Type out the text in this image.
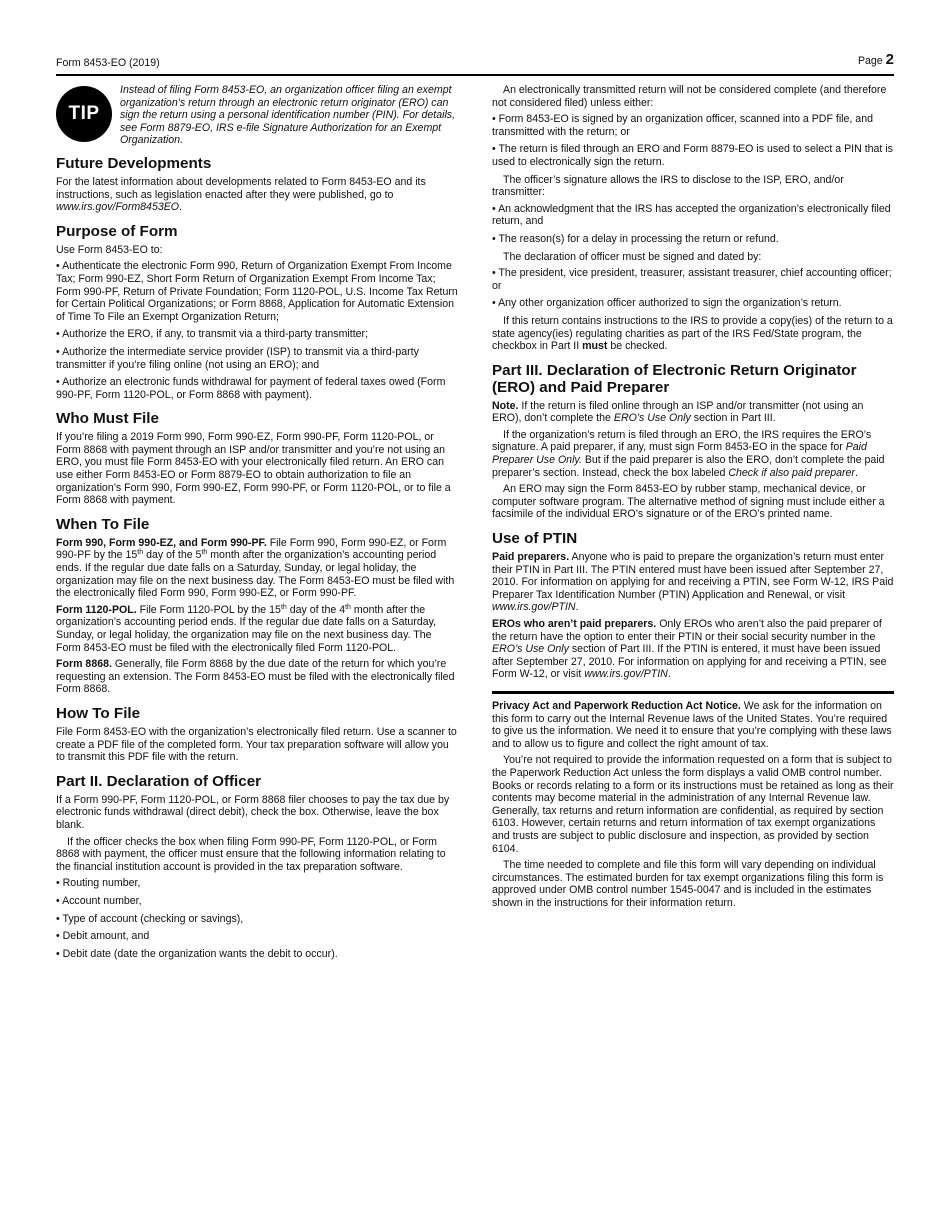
Form 8453-EO (2019)	Page 2
TIP
Instead of filing Form 8453-EO, an organization officer filing an exempt organization’s return through an electronic return originator (ERO) can sign the return using a personal identification number (PIN). For details, see Form 8879-EO, IRS e-file Signature Authorization for an Exempt Organization.
Future Developments

For the latest information about developments related to Form 8453-EO and its instructions, such as legislation enacted after they were published, go to www.irs.gov/Form8453EO.

Purpose of Form

Use Form 8453-EO to:

• Authenticate the electronic Form 990, Return of Organization Exempt From Income Tax; Form 990-EZ, Short Form Return of Organization Exempt From Income Tax; Form 990-PF, Return of Private Foundation; Form 1120-POL, U.S. Income Tax Return for Certain Political Organizations; or Form 8868, Application for Automatic Extension of Time To File an Exempt Organization Return;

• Authorize the ERO, if any, to transmit via a third-party transmitter;

• Authorize the intermediate service provider (ISP) to transmit via a third-party transmitter if you’re filing online (not using an ERO); and

• Authorize an electronic funds withdrawal for payment of federal taxes owed (Form 990-PF, Form 1120-POL, or Form 8868 with payment).

Who Must File

If you’re filing a 2019 Form 990, Form 990-EZ, Form 990-PF, Form 1120-POL, or Form 8868 with payment through an ISP and/or transmitter and you’re not using an ERO, you must file Form 8453-EO with your electronically filed return. An ERO can use either Form 8453-EO or Form 8879-EO to obtain authorization to file an organization’s Form 990, Form 990-EZ, Form 990-PF, or Form 1120-POL, or to file a Form 8868 with payment.

When To File

Form 990, Form 990-EZ, and Form 990-PF. File Form 990, Form 990-EZ, or Form 990-PF by the 15th day of the 5th month after the organization’s accounting period ends. If the regular due date falls on a Saturday, Sunday, or legal holiday, the organization may file on the next business day. The Form 8453-EO must be filed with the electronically filed Form 990, Form 990-EZ, or Form 990-PF.

Form 1120-POL. File Form 1120-POL by the 15th day of the 4th month after the organization’s accounting period ends. If the regular due date falls on a Saturday, Sunday, or legal holiday, the organization may file on the next business day. The Form 8453-EO must be filed with the electronically filed Form 1120-POL.

Form 8868. Generally, file Form 8868 by the due date of the return for which you’re requesting an extension. The Form 8453-EO must be filed with the electronically filed Form 8868.

How To File

File Form 8453-EO with the organization’s electronically filed return. Use a scanner to create a PDF file of the completed form. Your tax preparation software will allow you to transmit this PDF file with the return.

Part II. Declaration of Officer

If a Form 990-PF, Form 1120-POL, or Form 8868 filer chooses to pay the tax due by electronic funds withdrawal (direct debit), check the box. Otherwise, leave the box blank.

If the officer checks the box when filing Form 990-PF, Form 1120-POL, or Form 8868 with payment, the officer must ensure that the following information relating to the financial institution account is provided in the tax preparation software.

• Routing number,

• Account number,

• Type of account (checking or savings),

• Debit amount, and

• Debit date (date the organization wants the debit to occur).

An electronically transmitted return will not be considered complete (and therefore not considered filed) unless either:

• Form 8453-EO is signed by an organization officer, scanned into a PDF file, and transmitted with the return; or

• The return is filed through an ERO and Form 8879-EO is used to select a PIN that is used to electronically sign the return.

The officer’s signature allows the IRS to disclose to the ISP, ERO, and/or transmitter:

• An acknowledgment that the IRS has accepted the organization’s electronically filed return, and

• The reason(s) for a delay in processing the return or refund.

The declaration of officer must be signed and dated by:

• The president, vice president, treasurer, assistant treasurer, chief accounting officer; or

• Any other organization officer authorized to sign the organization’s return.

If this return contains instructions to the IRS to provide a copy(ies) of the return to a state agency(ies) regulating charities as part of the IRS Fed/State program, the checkbox in Part II must be checked.

Part III. Declaration of Electronic Return Originator (ERO) and Paid Preparer

Note. If the return is filed online through an ISP and/or transmitter (not using an ERO), don’t complete the ERO’s Use Only section in Part III.

If the organization’s return is filed through an ERO, the IRS requires the ERO’s signature. A paid preparer, if any, must sign Form 8453-EO in the space for Paid Preparer Use Only. But if the paid preparer is also the ERO, don’t complete the paid preparer’s section. Instead, check the box labeled Check if also paid preparer.

An ERO may sign the Form 8453-EO by rubber stamp, mechanical device, or computer software program. The alternative method of signing must include either a facsimile of the individual ERO’s signature or of the ERO’s printed name.

Use of PTIN

Paid preparers. Anyone who is paid to prepare the organization’s return must enter their PTIN in Part III. The PTIN entered must have been issued after September 27, 2010. For information on applying for and receiving a PTIN, see Form W-12, IRS Paid Preparer Tax Identification Number (PTIN) Application and Renewal, or visit www.irs.gov/PTIN.

EROs who aren’t paid preparers. Only EROs who aren’t also the paid preparer of the return have the option to enter their PTIN or their social security number in the ERO’s Use Only section of Part III. If the PTIN is entered, it must have been issued after September 27, 2010. For information on applying for and receiving a PTIN, see Form W-12, or visit www.irs.gov/PTIN.

Privacy Act and Paperwork Reduction Act Notice. We ask for the information on this form to carry out the Internal Revenue laws of the United States. You’re required to give us the information. We need it to ensure that you’re complying with these laws and to allow us to figure and collect the right amount of tax.

You’re not required to provide the information requested on a form that is subject to the Paperwork Reduction Act unless the form displays a valid OMB control number. Books or records relating to a form or its instructions must be retained as long as their contents may become material in the administration of any Internal Revenue law. Generally, tax returns and return information are confidential, as required by section 6103. However, certain returns and return information of tax exempt organizations and trusts are subject to public disclosure and inspection, as provided by section 6104.

The time needed to complete and file this form will vary depending on individual circumstances. The estimated burden for tax exempt organizations filing this form is approved under OMB control number 1545-0047 and is included in the estimates shown in the instructions for their information return.
